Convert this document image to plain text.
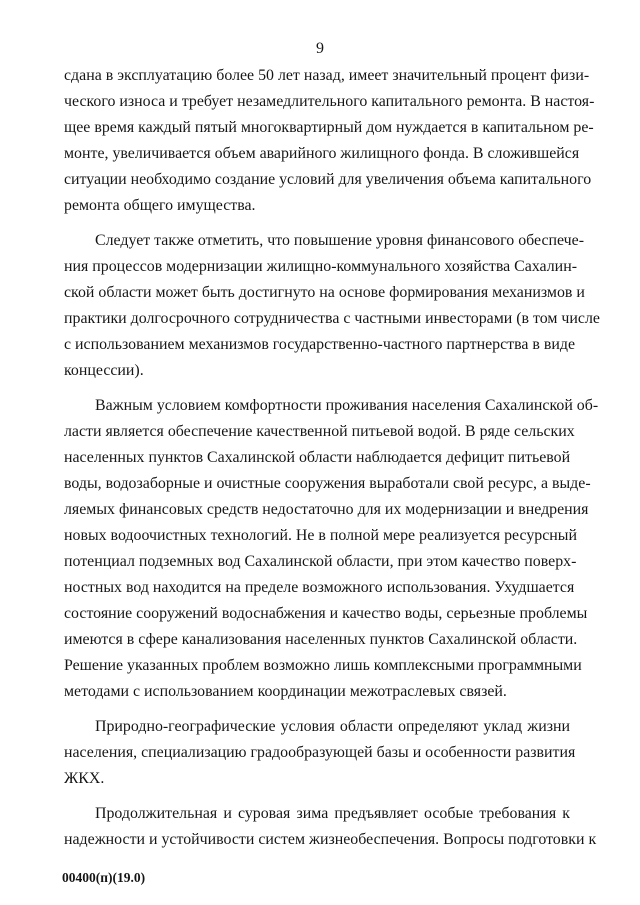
9

сдана в эксплуатацию более 50 лет назад, имеет значительный процент физи-
ческого износа и требует незамедлительного капитального ремонта. В настоя-
щее время каждый пятый многоквартирный дом нуждается в капитальном ре-
монте, увеличивается объем аварийного жилищного фонда. В сложившейся
ситуации необходимо создание условий для увеличения объема капитального
ремонта общего имущества.

Следует также отметить, что повышение уровня финансового обеспече-
ния процессов модернизации жилищно-коммунального хозяйства Сахалин-
ской области может быть достигнуто на основе формирования механизмов и
практики долгосрочного сотрудничества с частными инвесторами (в том числе
с использованием механизмов государственно-частного партнерства в виде
концессии).

Важным условием комфортности проживания населения Сахалинской об-
ласти является обеспечение качественной питьевой водой. В ряде сельских
населенных пунктов Сахалинской области наблюдается дефицит питьевой
воды, водозаборные и очистные сооружения выработали свой ресурс, а выде-
ляемых финансовых средств недостаточно для их модернизации и внедрения
новых водоочистных технологий. Не в полной мере реализуется ресурсный
потенциал подземных вод Сахалинской области, при этом качество поверх-
ностных вод находится на пределе возможного использования. Ухудшается
состояние сооружений водоснабжения и качество воды, серьезные проблемы
имеются в сфере канализования населенных пунктов Сахалинской области.
Решение указанных проблем возможно лишь комплексными программными
методами с использованием координации межотраслевых связей.

Природно-географические условия области определяют уклад жизни
населения, специализацию градообразующей базы и особенности развития
ЖКХ.

Продолжительная и суровая зима предъявляет особые требования к
надежности и устойчивости систем жизнеобеспечения. Вопросы подготовки к

00400(п)(19.0)
